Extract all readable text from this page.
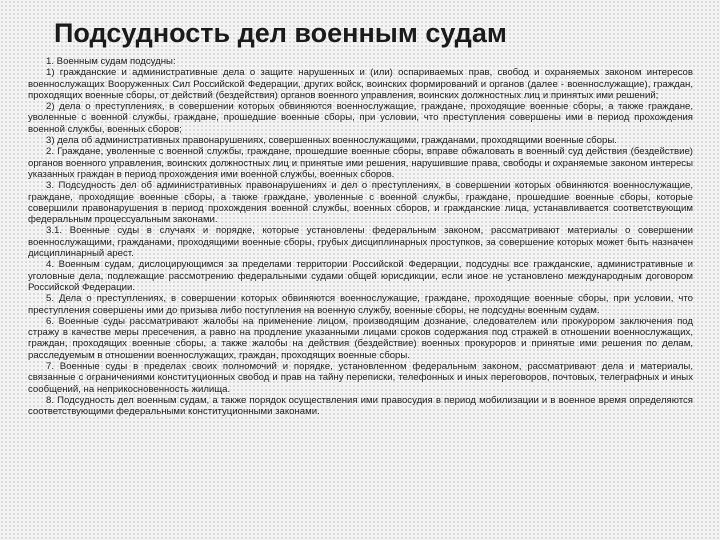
Подсудность дел военным судам

1. Военным судам подсудны:

1) гражданские и административные дела о защите нарушенных и (или) оспариваемых прав, свобод и охраняемых законом интересов военнослужащих Вооруженных Сил Российской Федерации, других войск, воинских формирований и органов (далее - военнослужащие), граждан, проходящих военные сборы, от действий (бездействия) органов военного управления, воинских должностных лиц и принятых ими решений;

2) дела о преступлениях, в совершении которых обвиняются военнослужащие, граждане, проходящие военные сборы, а также граждане, уволенные с военной службы, граждане, прошедшие военные сборы, при условии, что преступления совершены ими в период прохождения военной службы, военных сборов;

3) дела об административных правонарушениях, совершенных военнослужащими, гражданами, проходящими военные сборы.

2. Граждане, уволенные с военной службы, граждане, прошедшие военные сборы, вправе обжаловать в военный суд действия (бездействие) органов военного управления, воинских должностных лиц и принятые ими решения, нарушившие права, свободы и охраняемые законом интересы указанных граждан в период прохождения ими военной службы, военных сборов.

3. Подсудность дел об административных правонарушениях и дел о преступлениях, в совершении которых обвиняются военнослужащие, граждане, проходящие военные сборы, а также граждане, уволенные с военной службы, граждане, прошедшие военные сборы, которые совершили правонарушения в период прохождения военной службы, военных сборов, и гражданские лица, устанавливается соответствующим федеральным процессуальным законами.

3.1. Военные суды в случаях и порядке, которые установлены федеральным законом, рассматривают материалы о совершении военнослужащими, гражданами, проходящими военные сборы, грубых дисциплинарных проступков, за совершение которых может быть назначен дисциплинарный арест.

4. Военным судам, дислоцирующимся за пределами территории Российской Федерации, подсудны все гражданские, административные и уголовные дела, подлежащие рассмотрению федеральными судами общей юрисдикции, если иное не установлено международным договором Российской Федерации.

5. Дела о преступлениях, в совершении которых обвиняются военнослужащие, граждане, проходящие военные сборы, при условии, что преступления совершены ими до призыва либо поступления на военную службу, военные сборы, не подсудны военным судам.

6. Военные суды рассматривают жалобы на применение лицом, производящим дознание, следователем или прокурором заключения под стражу в качестве меры пресечения, а равно на продление указанными лицами сроков содержания под стражей в отношении военнослужащих, граждан, проходящих военные сборы, а также жалобы на действия (бездействие) военных прокуроров и принятые ими решения по делам, расследуемым в отношении военнослужащих, граждан, проходящих военные сборы.

7. Военные суды в пределах своих полномочий и порядке, установленном федеральным законом, рассматривают дела и материалы, связанные с ограничениями конституционных свобод и прав на тайну переписки, телефонных и иных переговоров, почтовых, телеграфных и иных сообщений, на неприкосновенность жилища.

8. Подсудность дел военным судам, а также порядок осуществления ими правосудия в период мобилизации и в военное время определяются соответствующими федеральными конституционными законами.
